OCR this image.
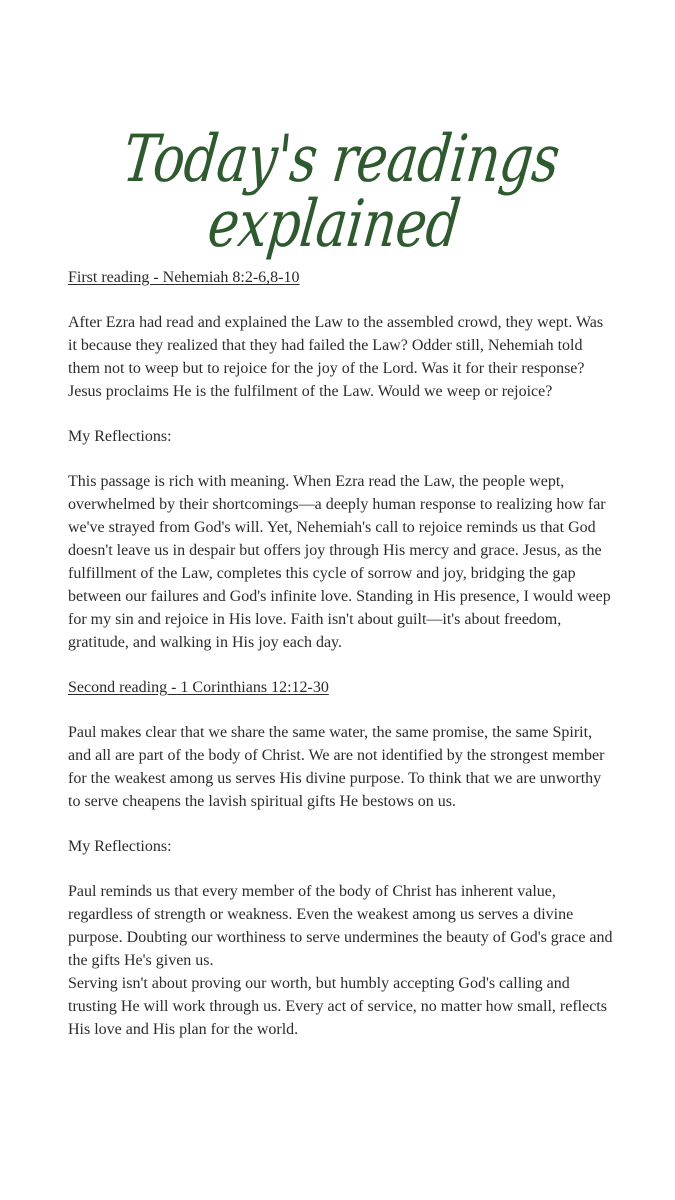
Today's readings explained

First reading - Nehemiah 8:2-6,8-10

After Ezra had read and explained the Law to the assembled crowd, they wept. Was it because they realized that they had failed the Law? Odder still, Nehemiah told them not to weep but to rejoice for the joy of the Lord. Was it for their response? Jesus proclaims He is the fulfilment of the Law. Would we weep or rejoice?

My Reflections:

This passage is rich with meaning. When Ezra read the Law, the people wept, overwhelmed by their shortcomings—a deeply human response to realizing how far we've strayed from God's will. Yet, Nehemiah's call to rejoice reminds us that God doesn't leave us in despair but offers joy through His mercy and grace. Jesus, as the fulfillment of the Law, completes this cycle of sorrow and joy, bridging the gap between our failures and God's infinite love. Standing in His presence, I would weep for my sin and rejoice in His love. Faith isn't about guilt—it's about freedom, gratitude, and walking in His joy each day.

Second reading - 1 Corinthians 12:12-30

Paul makes clear that we share the same water, the same promise, the same Spirit, and all are part of the body of Christ. We are not identified by the strongest member for the weakest among us serves His divine purpose. To think that we are unworthy to serve cheapens the lavish spiritual gifts He bestows on us.

My Reflections:

Paul reminds us that every member of the body of Christ has inherent value, regardless of strength or weakness. Even the weakest among us serves a divine purpose. Doubting our worthiness to serve undermines the beauty of God's grace and the gifts He's given us.

Serving isn't about proving our worth, but humbly accepting God's calling and trusting He will work through us. Every act of service, no matter how small, reflects His love and His plan for the world.
